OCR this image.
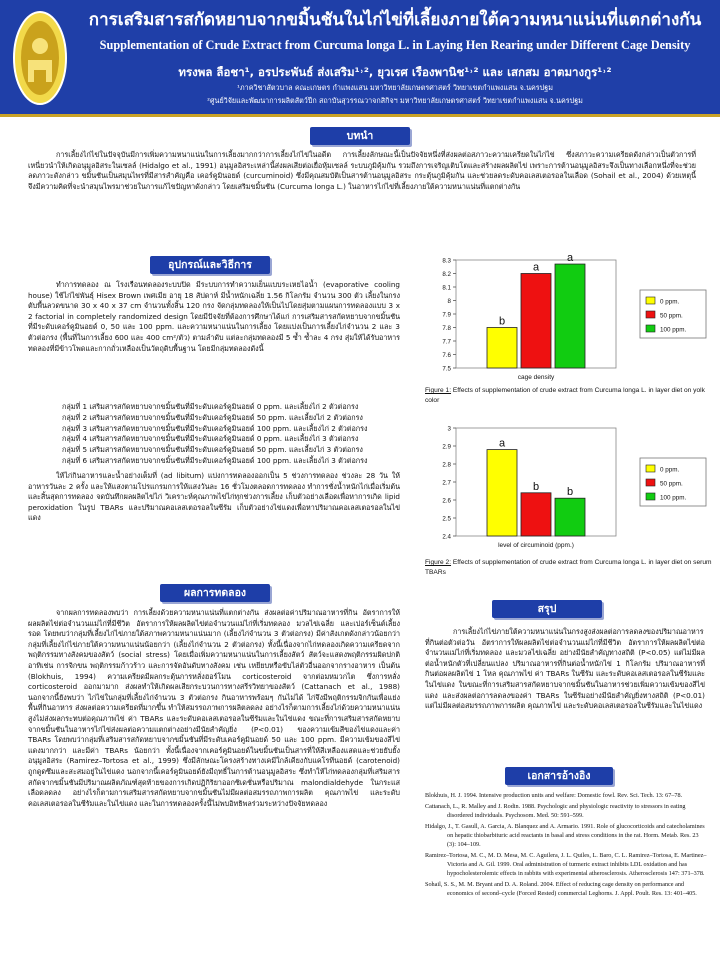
การเสริมสารสกัดหยาบจากขมิ้นชันในไก่ไข่ที่เลี้ยงภายใต้ความหนาแน่นที่แตกต่างกัน
Supplementation of Crude Extract from Curcuma longa L. in Laying Hen Rearing under Different Cage Density
ทรงพล ลือชา¹, อรประพันธ์ ส่งเสริม¹˒², ยุวเรศ เรืองพานิช¹˒² และ เสกสม อาตมางกูร¹˒²
¹ภาควิชาสัตวบาล คณะเกษตร กำแพงแสน มหาวิทยาลัยเกษตรศาสตร์ วิทยาเขตกำแพงแสน จ.นครปฐม
²ศูนย์วิจัยและพัฒนาการผลิตสัตว์ปีก สถาบันสุวรรณวาจกสิกิจฯ มหาวิทยาลัยเกษตรศาสตร์ วิทยาเขตกำแพงแสน จ.นครปฐม
บทนำ

การเลี้ยงไก่ไข่ในปัจจุบันมีการเพิ่มความหนาแน่นในการเลี้ยงมากกว่าการเลี้ยงไก่ไข่ในอดีต การเลี้ยงลักษณะนี้เป็นปัจจัยหนึ่งที่ส่งผลต่อสภาวะความเครียดในไก่ไข่ ซึ่งสภาวะความเครียดดังกล่าวเป็นตัวการที่เหนี่ยวนำให้เกิดอนุมูลอิสระในเซลล์ (Hidalgo et al., 1991) อนุมูลอิสระเหล่านี้ส่งผลเสียต่อเยื่อหุ้มเซลล์ ระบบภูมิคุ้มกัน รวมถึงการเจริญเติบโตและสร้างผลผลิตไข่ เพราะการต้านอนุมูลอิสระจึงเป็นทางเลือกหนึ่งที่จะช่วยลดภาวะดังกล่าว ขมิ้นชันเป็นสมุนไพรที่มีสารสำคัญคือ เคอร์คูมินอยด์ (curcuminoid) ซึ่งมีคุณสมบัติเป็นสารต้านอนุมูลอิสระ กระตุ้นภูมิคุ้มกัน และช่วยลดระดับคอเลสเตอรอลในเลือด (Sohail et al., 2004) ด้วยเหตุนี้จึงมีความคิดที่จะนำสมุนไพรมาช่วยในการแก้ไขปัญหาดังกล่าว โดยเสริมขมิ้นชัน (Curcuma longa L.) ในอาหารไก่ไข่ที่เลี้ยงภายใต้ความหนาแน่นที่แตกต่างกัน

อุปกรณ์และวิธีการ

ทำการทดลอง ณ โรงเรือนทดลองระบบปิด มีระบบการทำความเย็นแบบระเหยไอน้ำ (evaporative cooling house) ใช้ไก่ไข่พันธุ์ Hisex Brown เพศเมีย อายุ 18 สัปดาห์ มีน้ำหนักเฉลี่ย 1.56 กิโลกรัม จำนวน 300 ตัว เลี้ยงในกรงตับพื้นลวดขนาด 30 x 40 x 37 cm จำนวนทั้งสิ้น 120 กรง จัดกลุ่มทดลองให้เป็นไปโดยสุ่มตามแผนการทดลองแบบ 3 x 2 factorial in completely randomized design โดยมีปัจจัยที่ต้องการศึกษาได้แก่ การเสริมสารสกัดหยาบจากขมิ้นชันที่มีระดับเคอร์คูมินอยด์ 0, 50 และ 100 ppm. และความหนาแน่นในการเลี้ยง โดยแบ่งเป็นการเลี้ยงไก่จำนวน 2 และ 3 ตัวต่อกรง (พื้นที่ในการเลี้ยง 600 และ 400 cm²/ตัว) ตามลำดับ แต่ละกลุ่มทดลองมี 5 ซ้ำ ซ้ำละ 4 กรง สุ่มให้ได้รับอาหารทดลองที่มีข้าวโพดและกากถั่วเหลืองเป็นวัตถุดิบพื้นฐาน โดยมีกลุ่มทดลองดังนี้

กลุ่มที่ 1 เสริมสารสกัดหยาบจากขมิ้นชันที่มีระดับเคอร์คูมินอยด์ 0 ppm. และเลี้ยงไก่ 2 ตัวต่อกรง
กลุ่มที่ 2 เสริมสารสกัดหยาบจากขมิ้นชันที่มีระดับเคอร์คูมินอยด์ 50 ppm. และเลี้ยงไก่ 2 ตัวต่อกรง
กลุ่มที่ 3 เสริมสารสกัดหยาบจากขมิ้นชันที่มีระดับเคอร์คูมินอยด์ 100 ppm. และเลี้ยงไก่ 2 ตัวต่อกรง
กลุ่มที่ 4 เสริมสารสกัดหยาบจากขมิ้นชันที่มีระดับเคอร์คูมินอยด์ 0 ppm. และเลี้ยงไก่ 3 ตัวต่อกรง
กลุ่มที่ 5 เสริมสารสกัดหยาบจากขมิ้นชันที่มีระดับเคอร์คูมินอยด์ 50 ppm. และเลี้ยงไก่ 3 ตัวต่อกรง
กลุ่มที่ 6 เสริมสารสกัดหยาบจากขมิ้นชันที่มีระดับเคอร์คูมินอยด์ 100 ppm. และเลี้ยงไก่ 3 ตัวต่อกรง

ให้ไก่กินอาหารและน้ำอย่างเต็มที่ (ad libitum) แบ่งการทดลองออกเป็น 5 ช่วงการทดลอง ช่วงละ 28 วัน ให้อาหารวันละ 2 ครั้ง และให้แสงตามโปรแกรมการให้แสงวันละ 16 ชั่วโมงตลอดการทดลอง ทำการชั่งน้ำหนักไก่เมื่อเริ่มต้นและสิ้นสุดการทดลอง จดบันทึกผลผลิตไข่ไก่ วิเคราะห์คุณภาพไข่ไก่ทุกช่วงการเลี้ยง เก็บตัวอย่างเลือดเพื่อหาการเกิด lipid peroxidation ในรูป TBARs และปริมาณคอเลสเตอรอลในซีรัม เก็บตัวอย่างไข่แดงเพื่อหาปริมาณคอเลสเตอรอลในไข่แดง

ผลการทดลอง

จากผลการทดลองพบว่า การเลี้ยงด้วยความหนาแน่นที่แตกต่างกัน ส่งผลต่อค่าปริมาณอาหารที่กิน อัตราการให้ผลผลิตไข่ต่อจำนวนแม่ไก่ที่มีชีวิต อัตราการให้ผลผลิตไข่ต่อจำนวนแม่ไก่ที่เริ่มทดลอง มวลไข่เฉลี่ย และเปอร์เซ็นต์เลี้ยงรอด โดยพบว่ากลุ่มที่เลี้ยงไก่ไข่ภายใต้สภาพความหนาแน่นมาก (เลี้ยงไก่จำนวน 3 ตัวต่อกรง) มีค่าสังเกตดังกล่าวน้อยกว่ากลุ่มที่เลี้ยงไก่ไข่ภายใต้ความหนาแน่นน้อยกว่า (เลี้ยงไก่จำนวน 2 ตัวต่อกรง) ทั้งนี้เนื่องจากไก่ทดลองเกิดความเครียดจากพฤติกรรมทางสังคมของสัตว์ (social stress) โดยเมื่อเพิ่มความหนาแน่นในการเลี้ยงสัตว์ สัตว์จะแสดงพฤติกรรมผิดปกติ อาทิเช่น การจิกขน พฤติกรรมก้าวร้าว และการจัดอันดับทางสังคม เช่น เหยียบหรือขับไล่ตัวอื่นออกจากรางอาหาร เป็นต้น (Blokhuis, 1994) ความเครียดมีผลกระตุ้นการหลั่งฮอร์โมน corticosteroid จากต่อมหมวกไต ซึ่งการหลั่ง corticosteroid ออกมามาก ส่งผลทำให้เกิดผลเสียกระบวนการทางสรีรวิทยาของสัตว์ (Cattanach et al., 1988) นอกจากนี้ยังพบว่า ไก่ไข่ในกลุ่มที่เลี้ยงไก่จำนวน 3 ตัวต่อกรง กินอาหารพร้อมๆ กันไม่ได้ ไก่จึงมีพฤติกรรมจิกกันเพื่อแย่งพื้นที่กินอาหาร ส่งผลต่อความเครียดที่มากขึ้น ทำให้สมรรถภาพการผลิตลดลง อย่างไรก็ตามการเลี้ยงไก่ด้วยความหนาแน่นสูงไม่ส่งผลกระทบต่อคุณภาพไข่ ค่า TBARs และระดับคอเลสเตอรอลในซีรัมและในไข่แดง ขณะที่การเสริมสารสกัดหยาบจากขมิ้นชันในอาหารไก่ไข่ส่งผลต่อความแตกต่างอย่างมีนัยสำคัญยิ่ง (P<0.01) ของความเข้มสีของไข่แดงและค่า TBARs โดยพบว่ากลุ่มที่เสริมสารสกัดหยาบจากขมิ้นชันที่มีระดับเคอร์คูมินอยด์ 50 และ 100 ppm. มีความเข้มของสีไข่แดงมากกว่า และมีค่า TBARs น้อยกว่า ทั้งนี้เนื่องจากเคอร์คูมินอยด์ในขมิ้นชันเป็นสารที่ให้สีเหลืองแสดและช่วยยับยั้งอนุมูลอิสระ (Ramirez–Tortosa et al., 1999) ซึ่งมีลักษณะโครงสร้างทางเคมีใกล้เคียงกับแคโรทีนอยด์ (carotenoid) ถูกดูดซึมและสะสมอยู่ในไข่แดง นอกจากนี้เคอร์คูมินอยด์ยังมีฤทธิ์ในการต้านอนุมูลอิสระ ซึ่งทำให้ไก่ทดลองกลุ่มที่เสริมสารสกัดจากขมิ้นชันมีปริมาณผลิตภัณฑ์สุดท้ายของการเกิดปฏิกิริยาออกซิเดชั่นหรือปริมาณ malondialdehyde ในกระแสเลือดลดลง อย่างไรก็ตามการเสริมสารสกัดหยาบจากขมิ้นชันไม่มีผลต่อสมรรถภาพการผลิต คุณภาพไข่ และระดับคอเลสเตอรอลในซีรัมและในไข่แดง และในการทดลองครั้งนี้ไม่พบอิทธิพลร่วมระหว่างปัจจัยทดลอง

7.5
7.6
7.7
7.8
7.9
8
8.1
8.2
8.3
b
a
a
cage density
0 ppm.
50 ppm.
100 ppm.
Figure 1: Effects of supplementation of crude extract from Curcuma longa L. in layer diet on yolk color
2.4
2.5
2.6
2.7
2.8
2.9
3
a
b	b
level of circuminoid (ppm.)
0 ppm.
50 ppm.
100 ppm.
Figure 2: Effects of supplementation of crude extract from Curcuma longa L. in layer diet on serum TBARs
สรุป

การเลี้ยงไก่ไข่ภายใต้ความหนาแน่นในกรงสูงส่งผลต่อการลดลงของปริมาณอาหารที่กินต่อตัวต่อวัน อัตราการให้ผลผลิตไข่ต่อจำนวนแม่ไก่ที่มีชีวิต อัตราการให้ผลผลิตไข่ต่อจำนวนแม่ไก่ที่เริ่มทดลอง และมวลไข่เฉลี่ย อย่างมีนัยสำคัญทางสถิติ (P<0.05) แต่ไม่มีผลต่อน้ำหนักตัวที่เปลี่ยนแปลง ปริมาณอาหารที่กินต่อน้ำหนักไข่ 1 กิโลกรัม ปริมาณอาหารที่กินต่อผลผลิตไข่ 1 โหล คุณภาพไข่ ค่า TBARs ในซีรัม และระดับคอเลสเตอรอลในซีรัมและในไข่แดง ในขณะที่การเสริมสารสกัดหยาบจากขมิ้นชันในอาหารช่วยเพิ่มความเข้มของสีไข่แดง และส่งผลต่อการลดลงของค่า TBARs ในซีรัมอย่างมีนัยสำคัญยิ่งทางสถิติ (P<0.01) แต่ไม่มีผลต่อสมรรถภาพการผลิต คุณภาพไข่ และระดับคอเลสเตอรอลในซีรัมและในไข่แดง

เอกสารอ้างอิง
Blokhuis, H. J. 1994. Intensive production units and welfare: Domestic fowl. Rev. Sci. Tech. 13: 67–78.
Cattanach, L., R. Malley and J. Rodin. 1988. Psychologic and physiologic reactivity to stressors in eating disordered individuals. Psychosom. Med. 50: 591–599.
Hidalgo, J., T. Gasull, A. Garcia, A. Blanquez and A. Armario. 1991. Role of glucocorticoids and catecholamines on hepatic thiobarbituric acid reactants in basal and stress conditions in the rat. Horm. Metab. Res. 23 (3): 104–109.
Ramirez–Tortosa, M. C., M. D. Mesa, M. C. Aguilera, J. L. Quiles, L. Baro, C. L. Ramirez–Tortosa, E. Martinez–Victoria and A. Gil. 1999. Oral administration of turmeric extract inhibits LDL oxidation and has hypocholesterolemic effects in rabbits with experimental atherosclerosis. Atherosclerosis 147: 371–378.
Sohail, S. S., M. M. Bryant and D. A. Roland. 2004. Effect of reducing cage density on performance and economics of second–cycle (Forced Rested) commercial Leghorns. J. Appl. Poult. Res. 13: 401–405.
